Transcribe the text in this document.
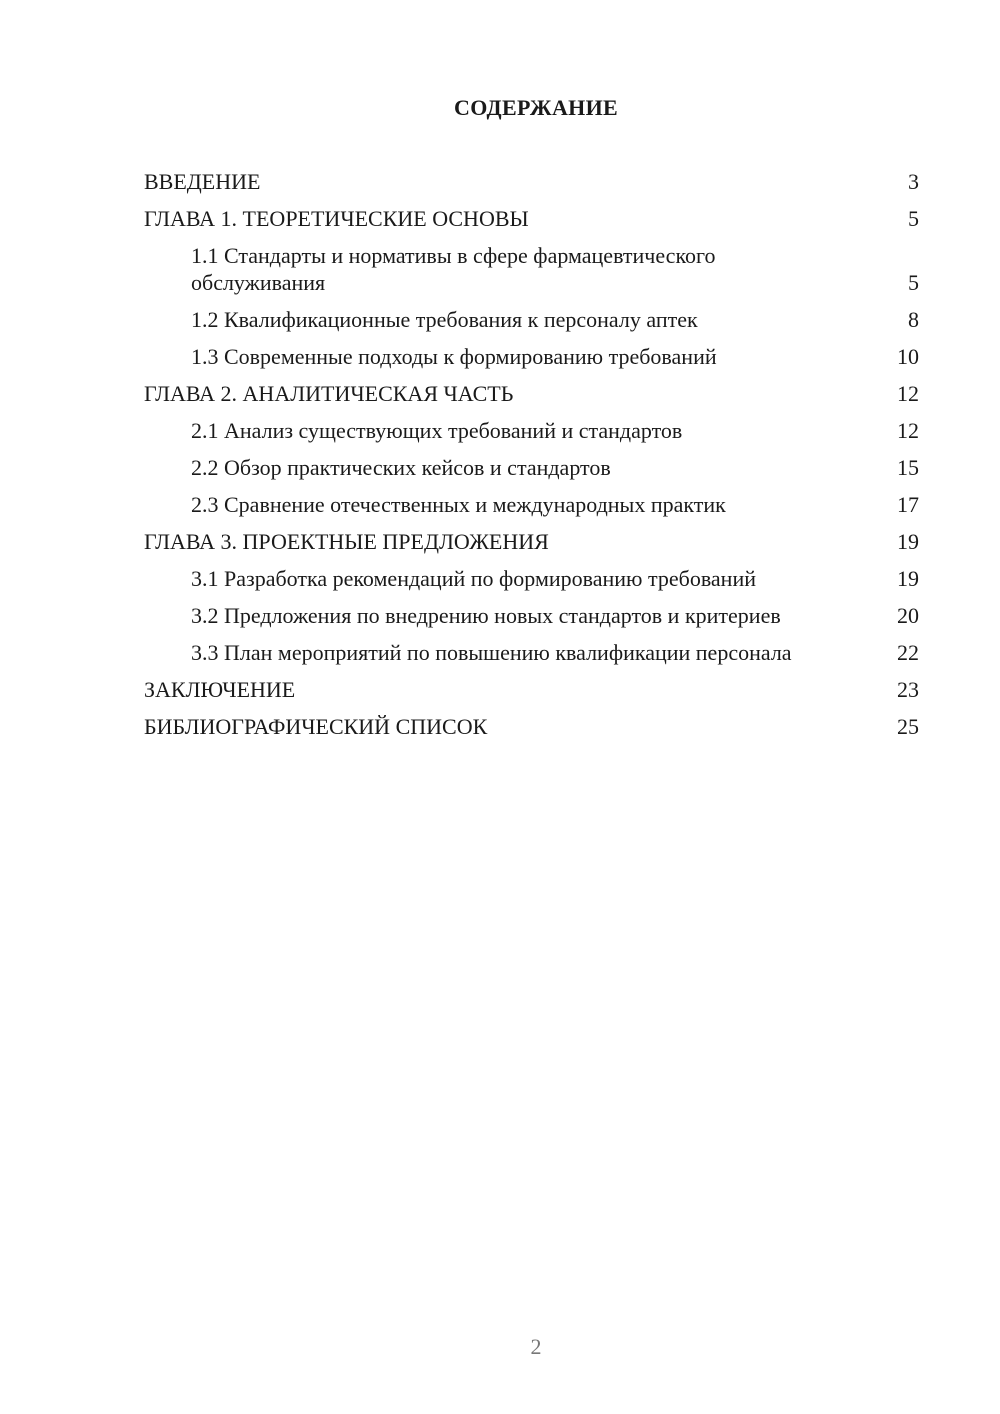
СОДЕРЖАНИЕ
ВВЕДЕНИЕ	3
ГЛАВА 1. ТЕОРЕТИЧЕСКИЕ ОСНОВЫ	5
1.1 Стандарты и нормативы в сфере фармацевтического обслуживания	5
1.2 Квалификационные требования к персоналу аптек	8
1.3 Современные подходы к формированию требований	10
ГЛАВА 2. АНАЛИТИЧЕСКАЯ ЧАСТЬ	12
2.1 Анализ существующих требований и стандартов	12
2.2 Обзор практических кейсов и стандартов	15
2.3 Сравнение отечественных и международных практик	17
ГЛАВА 3. ПРОЕКТНЫЕ ПРЕДЛОЖЕНИЯ	19
3.1 Разработка рекомендаций по формированию требований	19
3.2 Предложения по внедрению новых стандартов и критериев	20
3.3 План мероприятий по повышению квалификации персонала	22
ЗАКЛЮЧЕНИЕ	23
БИБЛИОГРАФИЧЕСКИЙ СПИСОК	25
2
